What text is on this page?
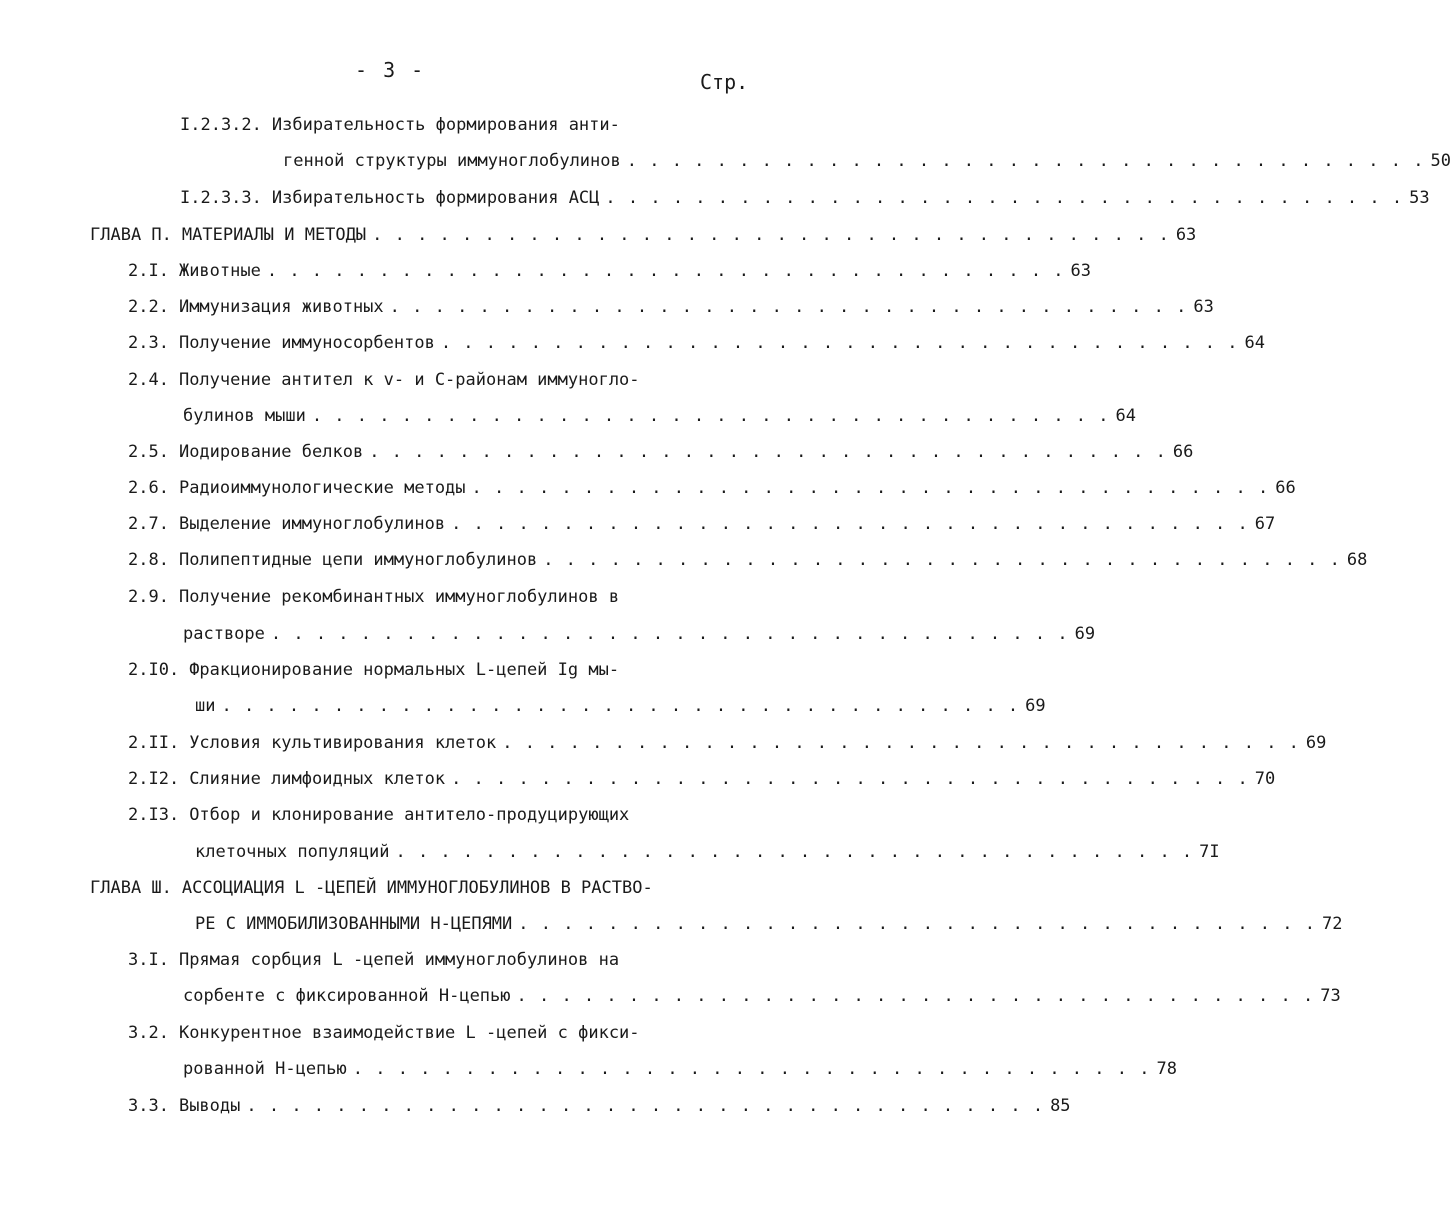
- 3 -	Стр.
I.2.3.2. Избирательность формирования анти-
генной структуры иммуноглобулинов . . . . . . . . . . . . . . . . . . . . . . . . . . . . . . . . . . . . 50
I.2.3.3. Избирательность формирования АСЦ . . . . . . . . . . . . . . . . . . . . . . . . . . . . . . . . . . . . 53
ГЛАВА П. МАТЕРИАЛЫ И МЕТОДЫ . . . . . . . . . . . . . . . . . . . . . . . . . . . . . . . . . . . . 63
2.I. Животные . . . . . . . . . . . . . . . . . . . . . . . . . . . . . . . . . . . . 63
2.2. Иммунизация животных . . . . . . . . . . . . . . . . . . . . . . . . . . . . . . . . . . . . 63
2.3. Получение иммуносорбентов . . . . . . . . . . . . . . . . . . . . . . . . . . . . . . . . . . . . 64
2.4. Получение антител к v- и С-районам иммуногло-
булинов мыши . . . . . . . . . . . . . . . . . . . . . . . . . . . . . . . . . . . . 64
2.5. Иодирование белков . . . . . . . . . . . . . . . . . . . . . . . . . . . . . . . . . . . . 66
2.6. Радиоиммунологические методы . . . . . . . . . . . . . . . . . . . . . . . . . . . . . . . . . . . . 66
2.7. Выделение иммуноглобулинов . . . . . . . . . . . . . . . . . . . . . . . . . . . . . . . . . . . . 67
2.8. Полипептидные цепи иммуноглобулинов . . . . . . . . . . . . . . . . . . . . . . . . . . . . . . . . . . . . 68
2.9. Получение рекомбинантных иммуноглобулинов в
растворе . . . . . . . . . . . . . . . . . . . . . . . . . . . . . . . . . . . . 69
2.I0. Фракционирование нормальных L-цепей Ig мы-
ши . . . . . . . . . . . . . . . . . . . . . . . . . . . . . . . . . . . . 69
2.II. Условия культивирования клеток . . . . . . . . . . . . . . . . . . . . . . . . . . . . . . . . . . . . 69
2.I2. Слияние лимфоидных клеток . . . . . . . . . . . . . . . . . . . . . . . . . . . . . . . . . . . . 70
2.I3. Отбор и клонирование антитело-продуцирующих
клеточных популяций . . . . . . . . . . . . . . . . . . . . . . . . . . . . . . . . . . . . 7I
ГЛАВА Ш. АССОЦИАЦИЯ L -ЦЕПЕЙ ИММУНОГЛОБУЛИНОВ В РАСТВО-
РЕ С ИММОБИЛИЗОВАННЫМИ Н-ЦЕПЯМИ . . . . . . . . . . . . . . . . . . . . . . . . . . . . . . . . . . . . 72
3.I. Прямая сорбция L -цепей иммуноглобулинов на
сорбенте с фиксированной Н-цепью . . . . . . . . . . . . . . . . . . . . . . . . . . . . . . . . . . . . 73
3.2. Конкурентное взаимодействие L -цепей с фикси-
рованной Н-цепью . . . . . . . . . . . . . . . . . . . . . . . . . . . . . . . . . . . . 78
3.3. Выводы . . . . . . . . . . . . . . . . . . . . . . . . . . . . . . . . . . . . 85
